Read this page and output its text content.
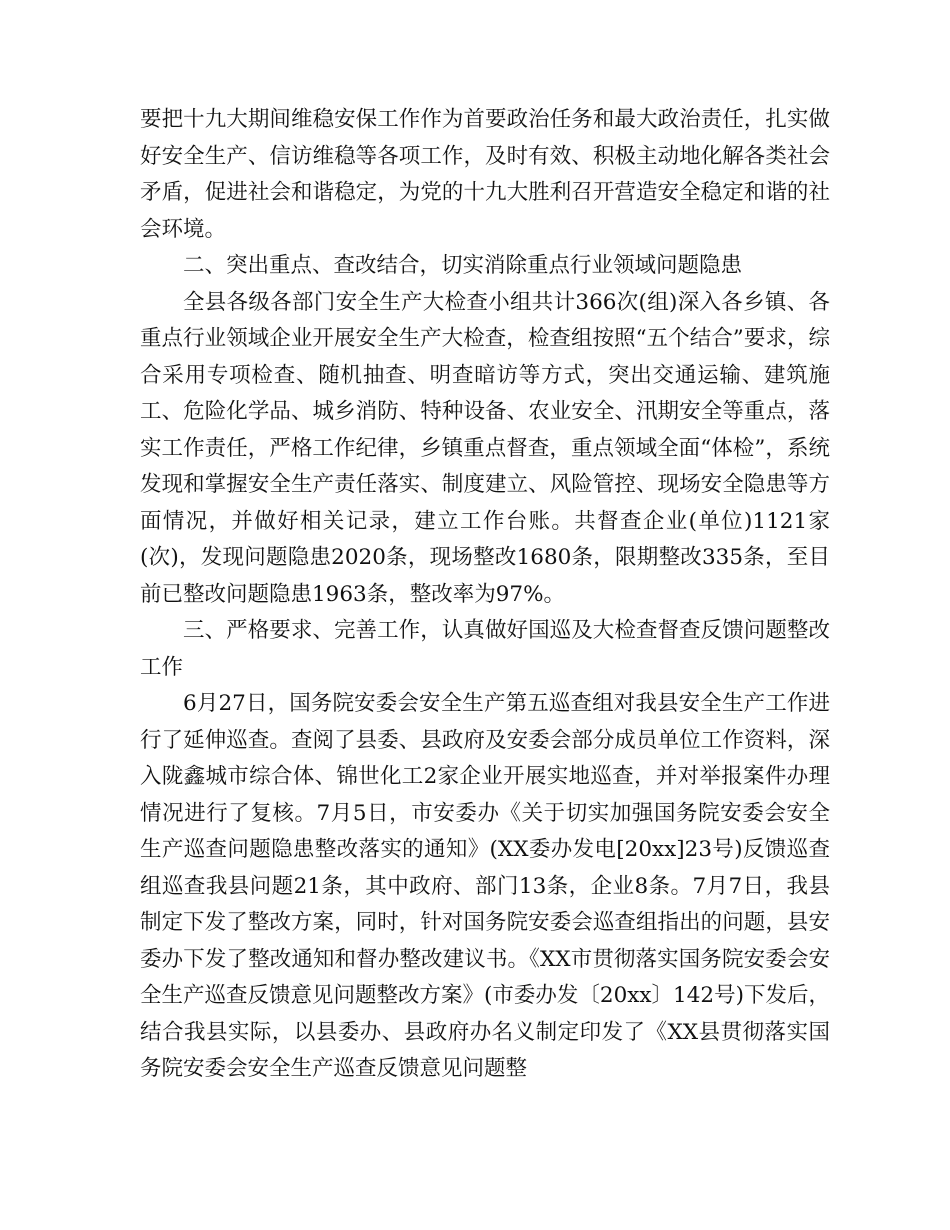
要把十九大期间维稳安保工作作为首要政治任务和最大政治责任，扎实做好安全生产、信访维稳等各项工作，及时有效、积极主动地化解各类社会矛盾，促进社会和谐稳定，为党的十九大胜利召开营造安全稳定和谐的社会环境。

二、突出重点、查改结合，切实消除重点行业领域问题隐患

全县各级各部门安全生产大检查小组共计366次(组)深入各乡镇、各重点行业领域企业开展安全生产大检查，检查组按照“五个结合”要求，综合采用专项检查、随机抽查、明查暗访等方式，突出交通运输、建筑施工、危险化学品、城乡消防、特种设备、农业安全、汛期安全等重点，落实工作责任，严格工作纪律，乡镇重点督查，重点领域全面“体检”，系统发现和掌握安全生产责任落实、制度建立、风险管控、现场安全隐患等方面情况，并做好相关记录，建立工作台账。共督查企业(单位)1121家(次)，发现问题隐患2020条，现场整改1680条，限期整改335条，至目前已整改问题隐患1963条，整改率为97%。

三、严格要求、完善工作，认真做好国巡及大检查督查反馈问题整改工作

6月27日，国务院安委会安全生产第五巡查组对我县安全生产工作进行了延伸巡查。查阅了县委、县政府及安委会部分成员单位工作资料，深入陇鑫城市综合体、锦世化工2家企业开展实地巡查，并对举报案件办理情况进行了复核。7月5日，市安委办《关于切实加强国务院安委会安全生产巡查问题隐患整改落实的通知》(XX委办发电[20xx]23号)反馈巡查组巡查我县问题21条，其中政府、部门13条，企业8条。7月7日，我县制定下发了整改方案，同时，针对国务院安委会巡查组指出的问题，县安委办下发了整改通知和督办整改建议书。《XX市贯彻落实国务院安委会安全生产巡查反馈意见问题整改方案》(市委办发〔20xx〕142号)下发后，结合我县实际，以县委办、县政府办名义制定印发了《XX县贯彻落实国务院安委会安全生产巡查反馈意见问题整
